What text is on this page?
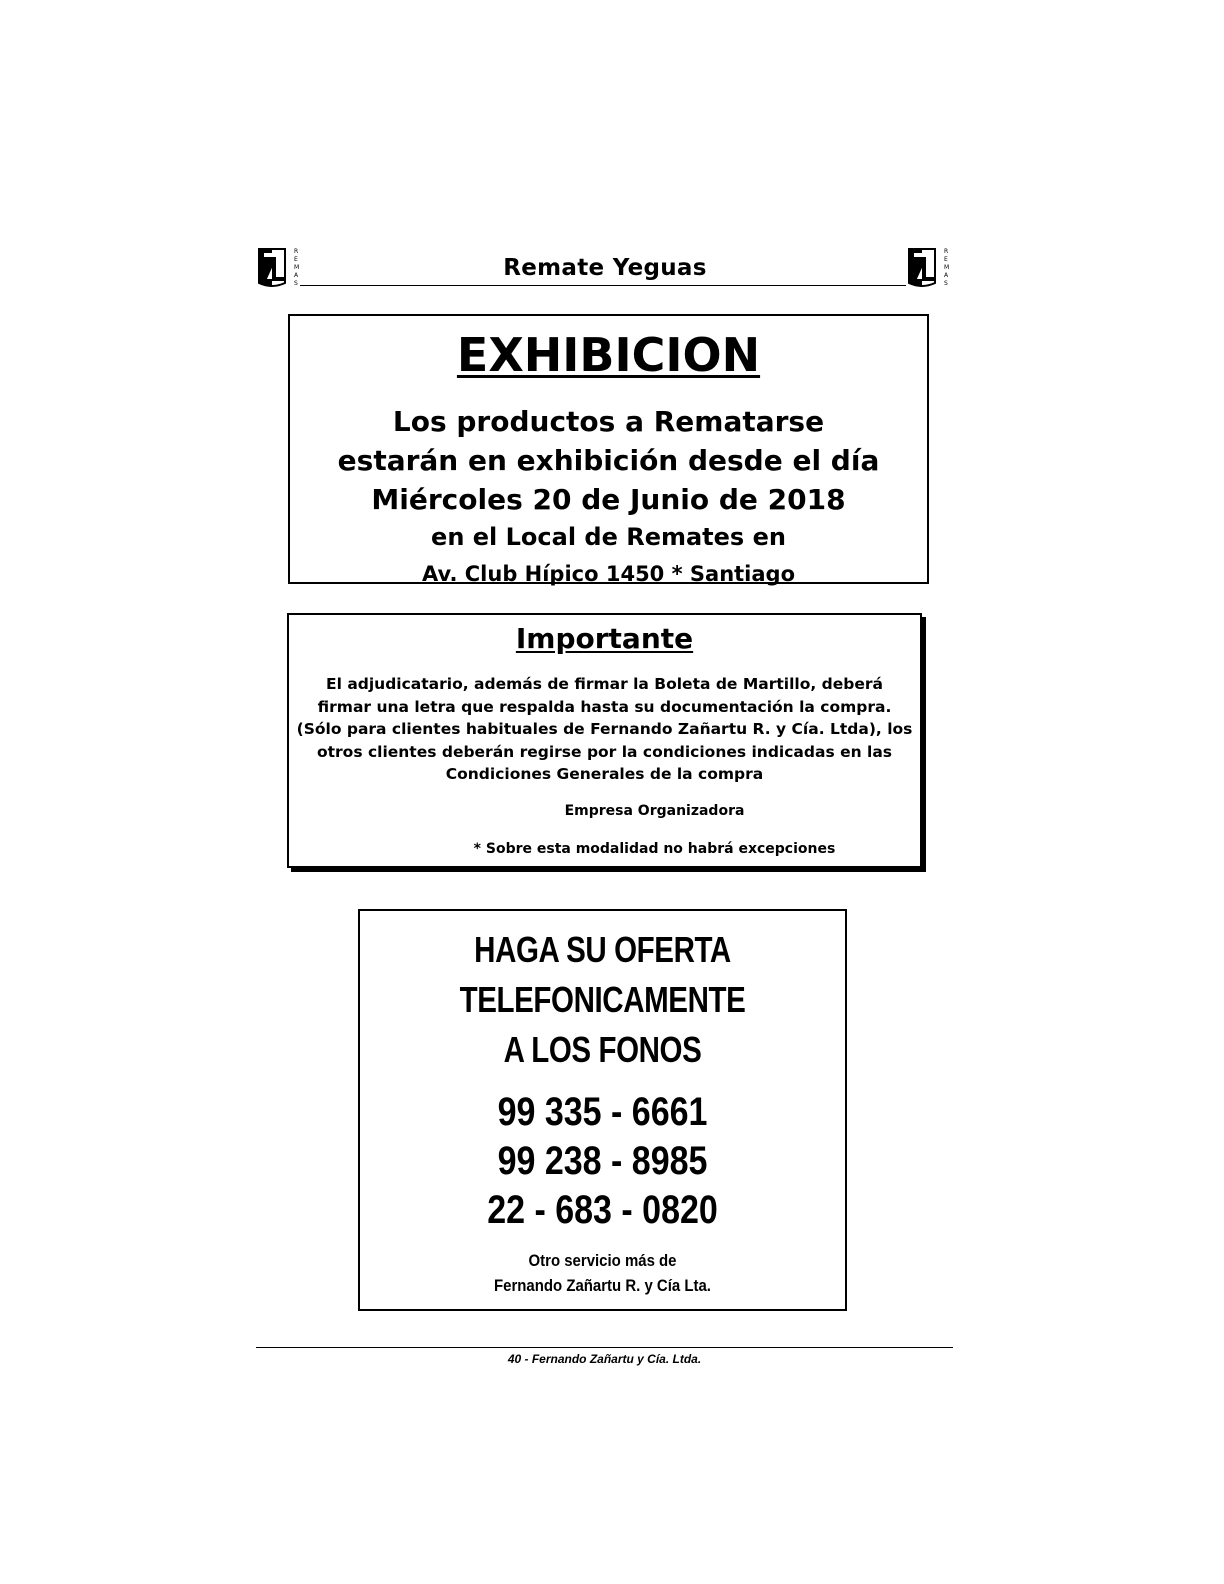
R
E
M
A
S
Remate Yeguas
R
E
M
A
S
EXHIBICION
Los productos a Rematarse
estarán en exhibición desde el día
Miércoles 20 de Junio de 2018
en el Local de Remates en
Av. Club Hípico 1450 * Santiago
Importante
El adjudicatario, además de firmar la Boleta de Martillo, deberá
firmar una letra que respalda hasta su documentación la compra.
(Sólo para clientes habituales de Fernando Zañartu R. y Cía. Ltda), los
otros clientes deberán regirse por la condiciones indicadas en las
Condiciones Generales de la compra
Empresa Organizadora
* Sobre esta modalidad no habrá excepciones
HAGA SU OFERTA
TELEFONICAMENTE
A LOS FONOS
99 335 - 6661
99 238 - 8985
22 - 683 - 0820
Otro servicio más de
Fernando Zañartu R. y Cía Lta.
40 - Fernando Zañartu y Cía. Ltda.
